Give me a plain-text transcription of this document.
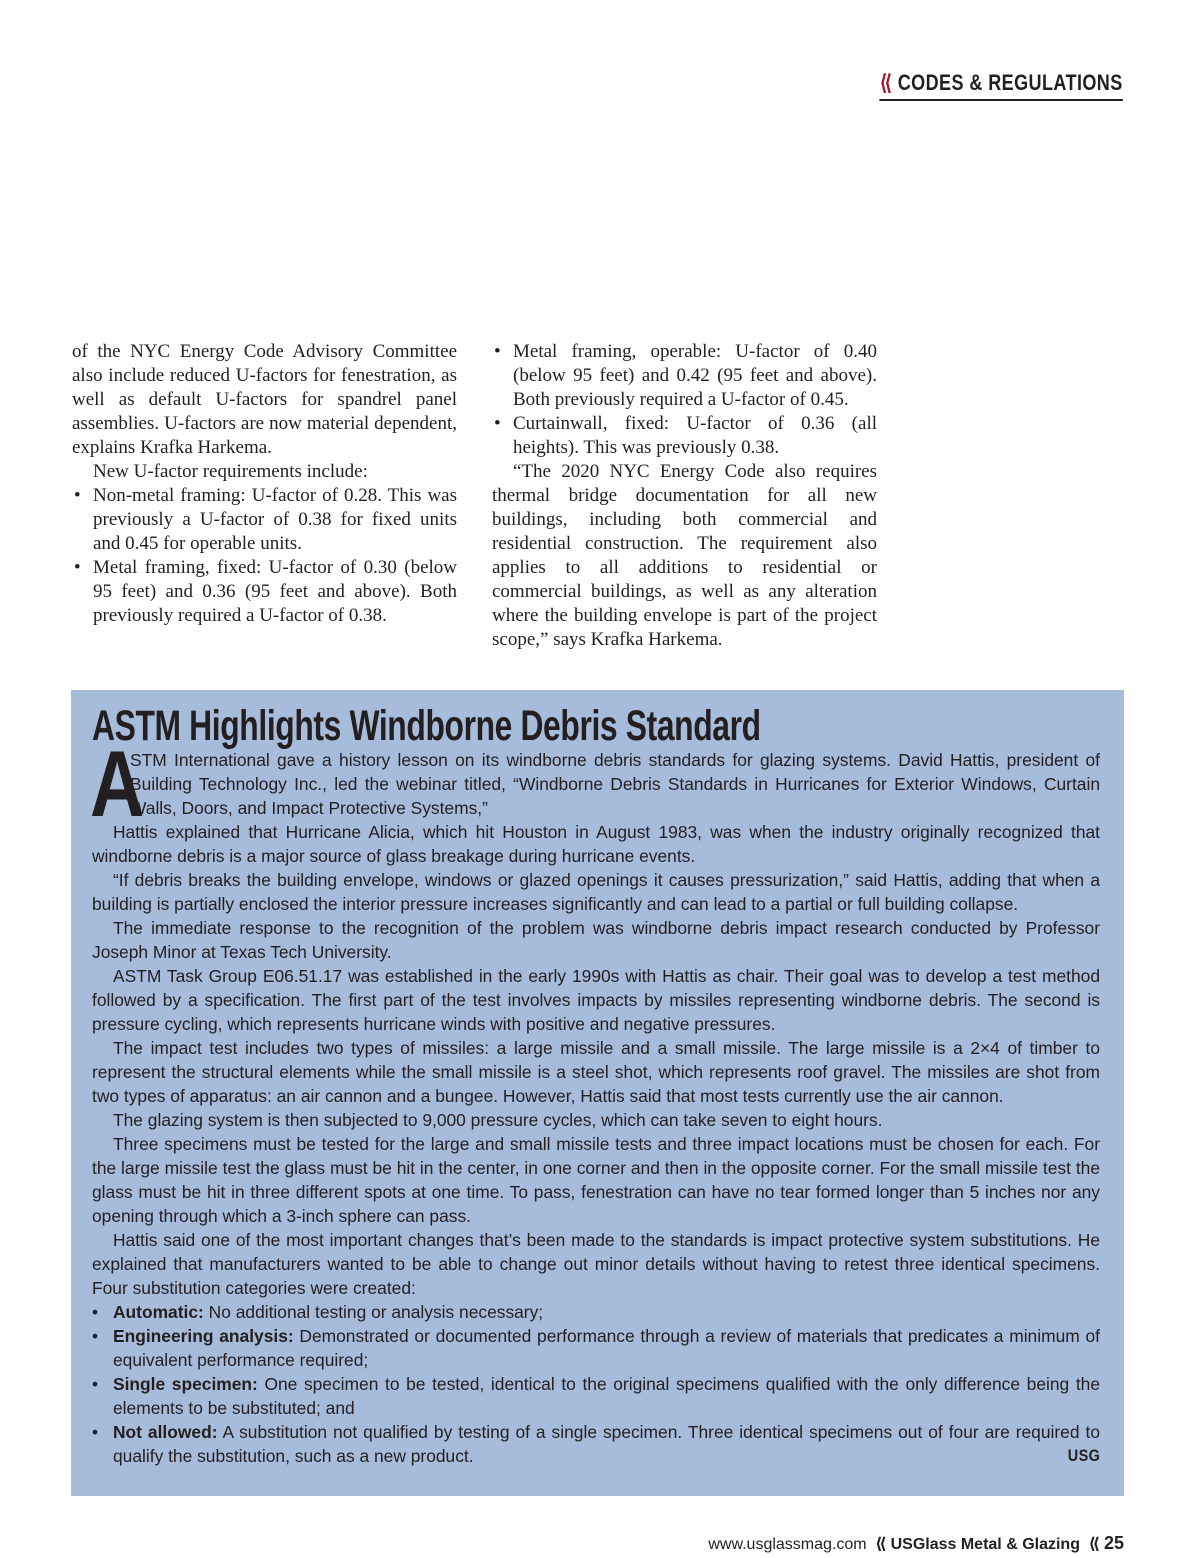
⟪ CODES & REGULATIONS

of the NYC Energy Code Advisory Committee also include reduced U-factors for fenestration, as well as default U-factors for spandrel panel assemblies. U-factors are now material dependent, explains Krafka Harkema.

New U-factor requirements include:

• Non-metal framing: U-factor of 0.28. This was previously a U-factor of 0.38 for fixed units and 0.45 for operable units.
• Metal framing, fixed: U-factor of 0.30 (below 95 feet) and 0.36 (95 feet and above). Both previously required a U-factor of 0.38.
• Metal framing, operable: U-factor of 0.40 (below 95 feet) and 0.42 (95 feet and above). Both previously required a U-factor of 0.45.
• Curtainwall, fixed: U-factor of 0.36 (all heights). This was previously 0.38.

“The 2020 NYC Energy Code also requires thermal bridge documentation for all new buildings, including both commercial and residential construction. The requirement also applies to all additions to residential or commercial buildings, as well as any alteration where the building envelope is part of the project scope,” says Krafka Harkema.

ASTM Highlights Windborne Debris Standard

A
STM International gave a history lesson on its windborne debris standards for glazing systems. David Hattis, president of Building Technology Inc., led the webinar titled, “Windborne Debris Standards in Hurricanes for Exterior Windows, Curtain Walls, Doors, and Impact Protective Systems,”

Hattis explained that Hurricane Alicia, which hit Houston in August 1983, was when the industry originally recognized that windborne debris is a major source of glass breakage during hurricane events.

“If debris breaks the building envelope, windows or glazed openings it causes pressurization,” said Hattis, adding that when a building is partially enclosed the interior pressure increases significantly and can lead to a partial or full building collapse.

The immediate response to the recognition of the problem was windborne debris impact research conducted by Professor Joseph Minor at Texas Tech University.

ASTM Task Group E06.51.17 was established in the early 1990s with Hattis as chair. Their goal was to develop a test method followed by a specification. The first part of the test involves impacts by missiles representing windborne debris. The second is pressure cycling, which represents hurricane winds with positive and negative pressures.

The impact test includes two types of missiles: a large missile and a small missile. The large missile is a 2×4 of timber to represent the structural elements while the small missile is a steel shot, which represents roof gravel. The missiles are shot from two types of apparatus: an air cannon and a bungee. However, Hattis said that most tests currently use the air cannon.

The glazing system is then subjected to 9,000 pressure cycles, which can take seven to eight hours.

Three specimens must be tested for the large and small missile tests and three impact locations must be chosen for each. For the large missile test the glass must be hit in the center, in one corner and then in the opposite corner. For the small missile test the glass must be hit in three different spots at one time. To pass, fenestration can have no tear formed longer than 5 inches nor any opening through which a 3-inch sphere can pass.

Hattis said one of the most important changes that’s been made to the standards is impact protective system substitutions. He explained that manufacturers wanted to be able to change out minor details without having to retest three identical specimens. Four substitution categories were created:

• Automatic: No additional testing or analysis necessary;
• Engineering analysis: Demonstrated or documented performance through a review of materials that predicates a minimum of equivalent performance required;
• Single specimen: One specimen to be tested, identical to the original specimens qualified with the only difference being the elements to be substituted; and
• Not allowed: A substitution not qualified by testing of a single specimen. Three identical specimens out of four are required to qualify the substitution, such as a new product.	USG
www.usglassmag.com ⟪ USGlass Metal & Glazing ⟪ 25
